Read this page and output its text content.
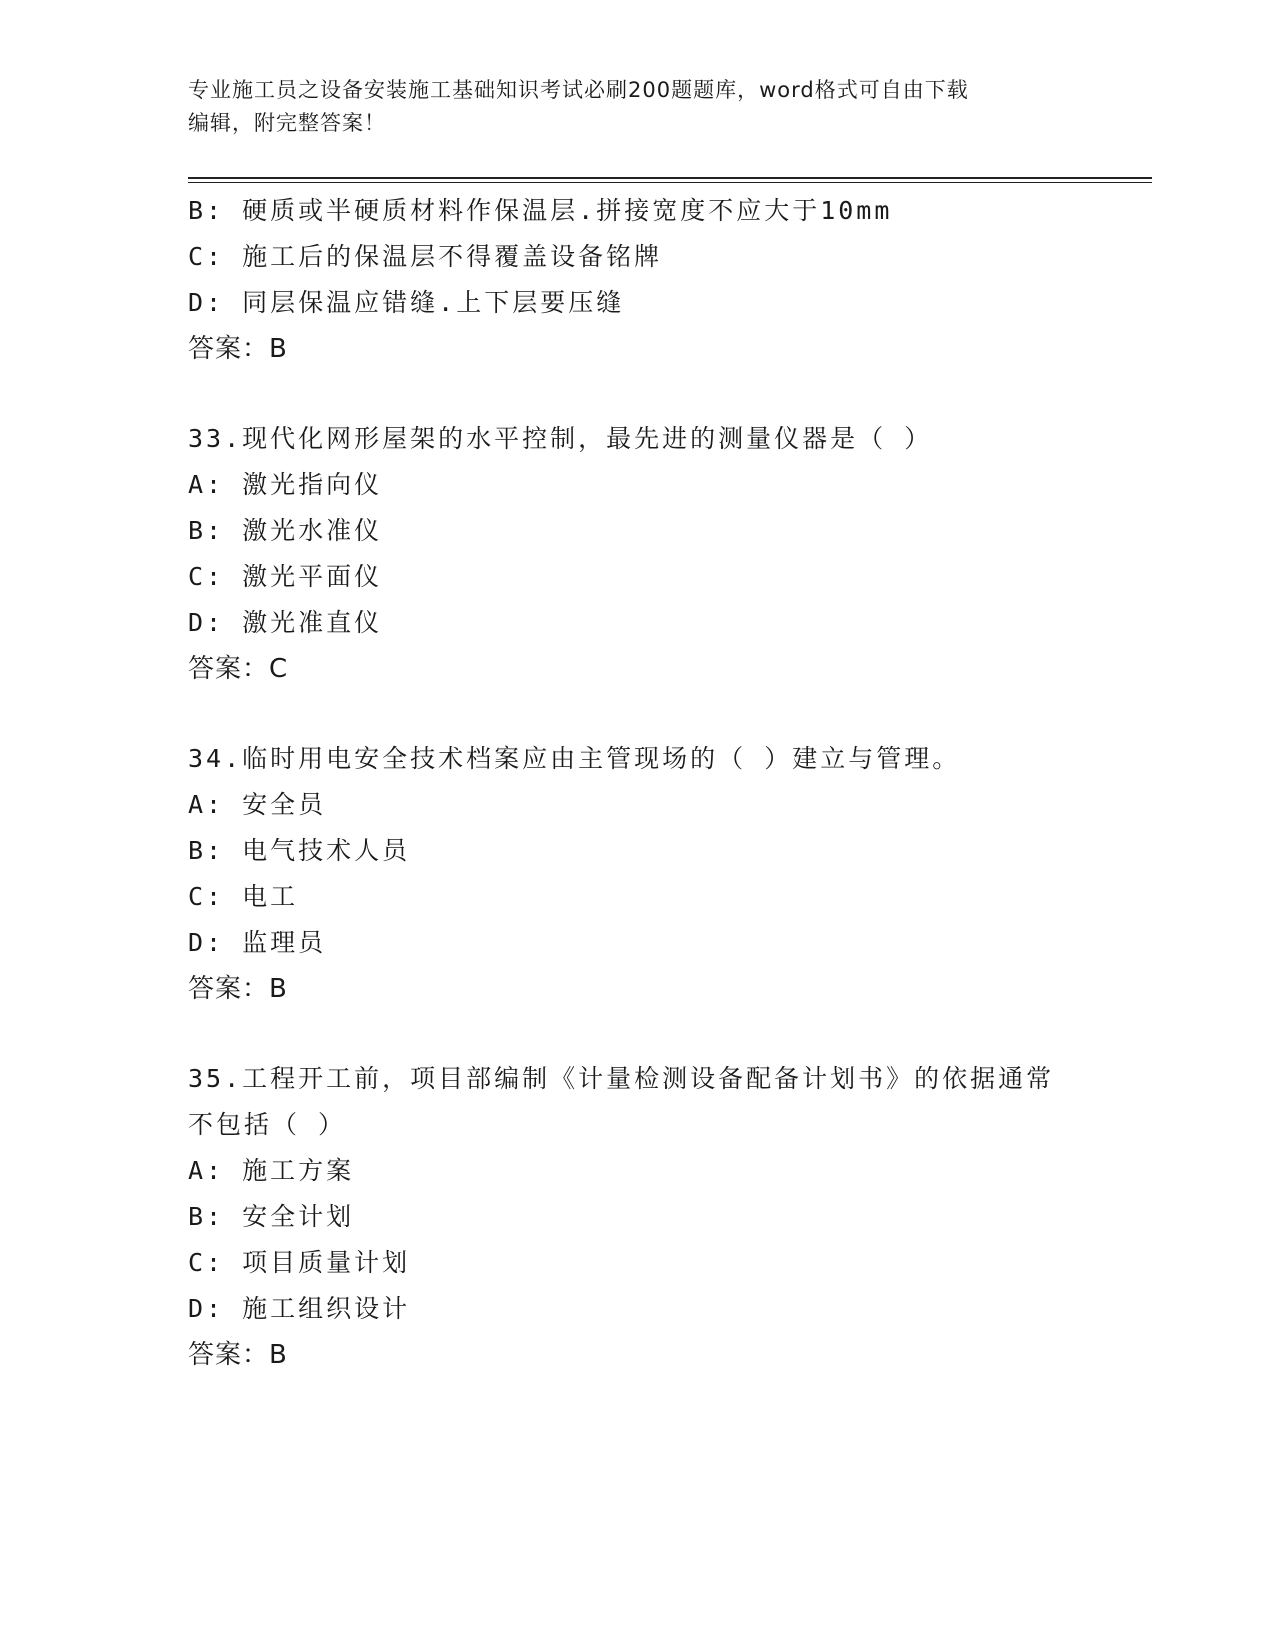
专业施工员之设备安装施工基础知识考试必刷200题题库，word格式可自由下载
编辑，附完整答案！
B: 硬质或半硬质材料作保温层.拼接宽度不应大于10mm
C: 施工后的保温层不得覆盖设备铭牌
D: 同层保温应错缝.上下层要压缝
答案：B
33.现代化网形屋架的水平控制，最先进的测量仪器是（ ）
A: 激光指向仪
B: 激光水准仪
C: 激光平面仪
D: 激光准直仪
答案：C
34.临时用电安全技术档案应由主管现场的（ ）建立与管理。
A: 安全员
B: 电气技术人员
C: 电工
D: 监理员
答案：B
35.工程开工前，项目部编制《计量检测设备配备计划书》的依据通常
不包括（ ）
A: 施工方案
B: 安全计划
C: 项目质量计划
D: 施工组织设计
答案：B
